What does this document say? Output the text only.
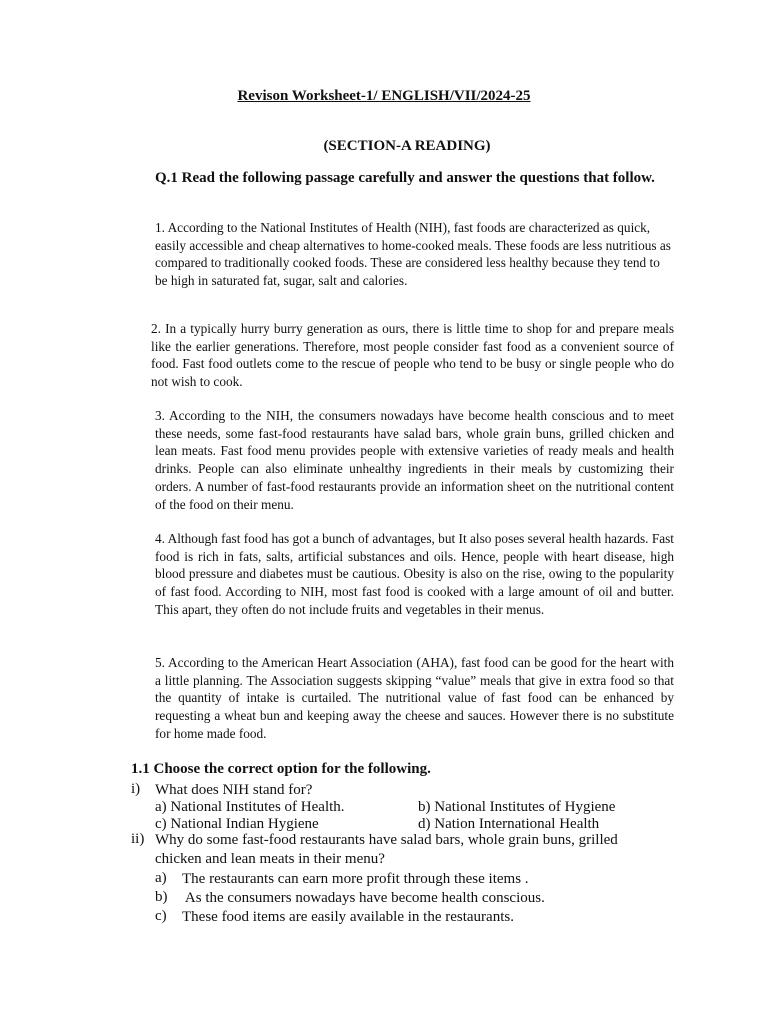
Revison Worksheet-1/ ENGLISH/VII/2024-25
(SECTION-A READING)
Q.1 Read the following passage carefully and answer the questions that follow.
1. According to the National Institutes of Health (NIH), fast foods are characterized as quick, easily accessible and cheap alternatives to home-cooked meals. These foods are less nutritious as compared to traditionally cooked foods. These are considered less healthy because they tend to be high in saturated fat, sugar, salt and calories.
2. In a typically hurry burry generation as ours, there is little time to shop for and prepare meals like the earlier generations. Therefore, most people consider fast food as a convenient source of food. Fast food outlets come to the rescue of people who tend to be busy or single people who do not wish to cook.
3. According to the NIH, the consumers nowadays have become health conscious and to meet these needs, some fast-food restaurants have salad bars, whole grain buns, grilled chicken and lean meats. Fast food menu provides people with extensive varieties of ready meals and health drinks. People can also eliminate unhealthy ingredients in their meals by customizing their orders. A number of fast-food restaurants provide an information sheet on the nutritional content of the food on their menu.
4. Although fast food has got a bunch of advantages, but It also poses several health hazards. Fast food is rich in fats, salts, artificial substances and oils. Hence, people with heart disease, high blood pressure and diabetes must be cautious. Obesity is also on the rise, owing to the popularity of fast food. According to NIH, most fast food is cooked with a large amount of oil and butter. This apart, they often do not include fruits and vegetables in their menus.
5. According to the American Heart Association (AHA), fast food can be good for the heart with a little planning. The Association suggests skipping “value” meals that give in extra food so that the quantity of intake is curtailed. The nutritional value of fast food can be enhanced by requesting a wheat bun and keeping away the cheese and sauces. However there is no substitute for home made food.
1.1 Choose the correct option for the following.
i) What does NIH stand for?
a) National Institutes of Health.	b) National Institutes of Hygiene
c) National Indian Hygiene	d) Nation International Health
ii) Why do some fast-food restaurants have salad bars, whole grain buns, grilled
chicken and lean meats in their menu?
a) The restaurants can earn more profit through these items .
b) As the consumers nowadays have become health conscious.
c) These food items are easily available in the restaurants.
